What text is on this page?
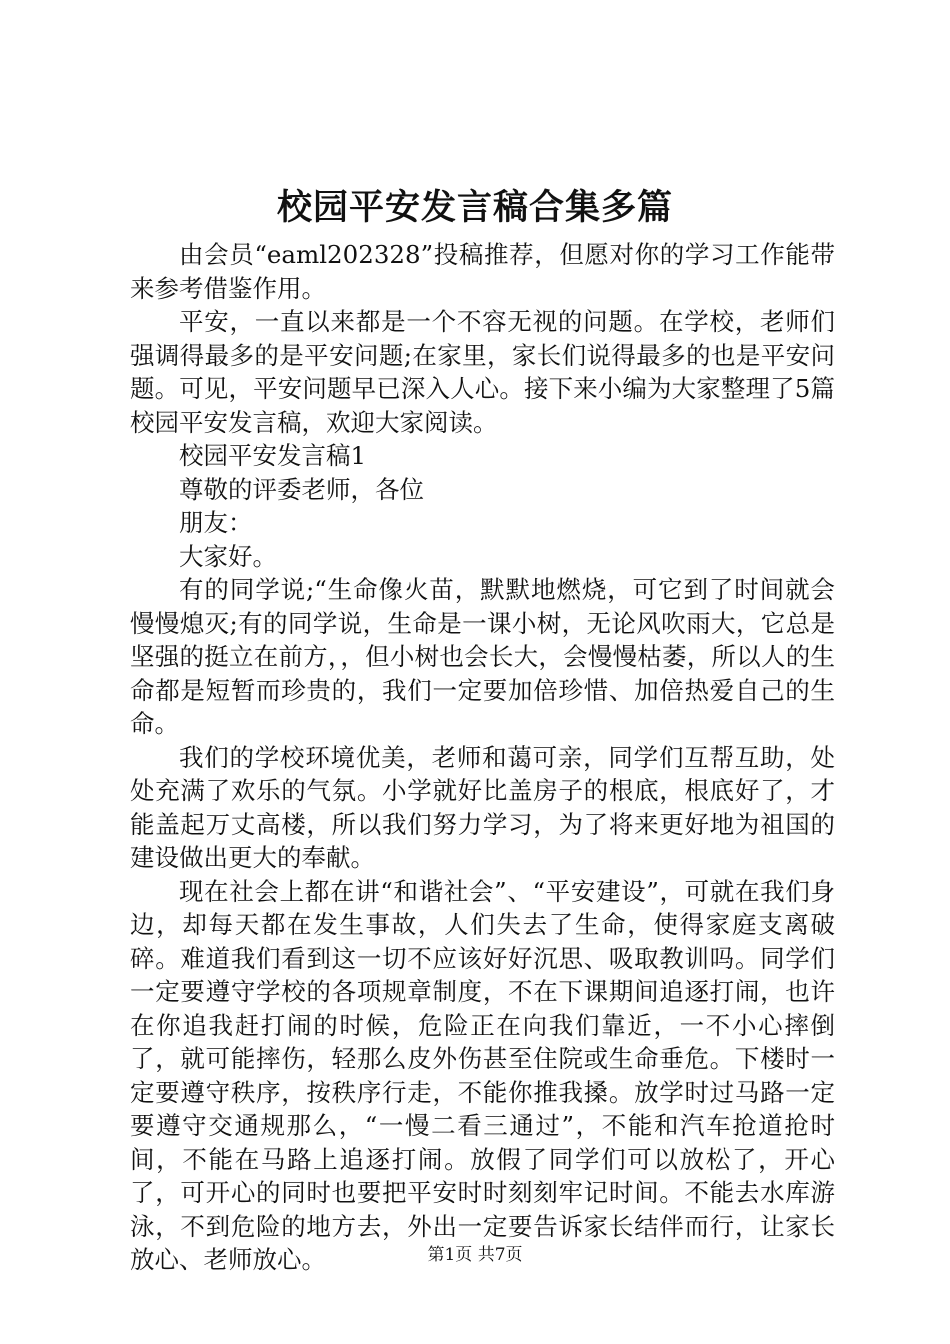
校园平安发言稿合集多篇

由会员“eaml202328”投稿推荐，但愿对你的学习工作能带来参考借鉴作用。

平安，一直以来都是一个不容无视的问题。在学校，老师们强调得最多的是平安问题;在家里，家长们说得最多的也是平安问题。可见，平安问题早已深入人心。接下来小编为大家整理了5篇校园平安发言稿，欢迎大家阅读。

校园平安发言稿1

尊敬的评委老师，各位

朋友：

大家好。

有的同学说;“生命像火苗，默默地燃烧，可它到了时间就会慢慢熄灭;有的同学说，生命是一课小树，无论风吹雨大，它总是坚强的挺立在前方，，但小树也会长大，会慢慢枯萎，所以人的生命都是短暂而珍贵的，我们一定要加倍珍惜、加倍热爱自己的生命。

我们的学校环境优美，老师和蔼可亲，同学们互帮互助，处处充满了欢乐的气氛。小学就好比盖房子的根底，根底好了，才能盖起万丈高楼，所以我们努力学习，为了将来更好地为祖国的建设做出更大的奉献。

现在社会上都在讲“和谐社会”、“平安建设”，可就在我们身边，却每天都在发生事故，人们失去了生命，使得家庭支离破碎。难道我们看到这一切不应该好好沉思、吸取教训吗。同学们一定要遵守学校的各项规章制度，不在下课期间追逐打闹，也许在你追我赶打闹的时候，危险正在向我们靠近，一不小心摔倒了，就可能摔伤，轻那么皮外伤甚至住院或生命垂危。下楼时一定要遵守秩序，按秩序行走，不能你推我搡。放学时过马路一定要遵守交通规那么，“一慢二看三通过”，不能和汽车抢道抢时间，不能在马路上追逐打闹。放假了同学们可以放松了，开心了，可开心的同时也要把平安时时刻刻牢记时间。不能去水库游泳，不到危险的地方去，外出一定要告诉家长结伴而行，让家长放心、老师放心。	第1页 共7页
